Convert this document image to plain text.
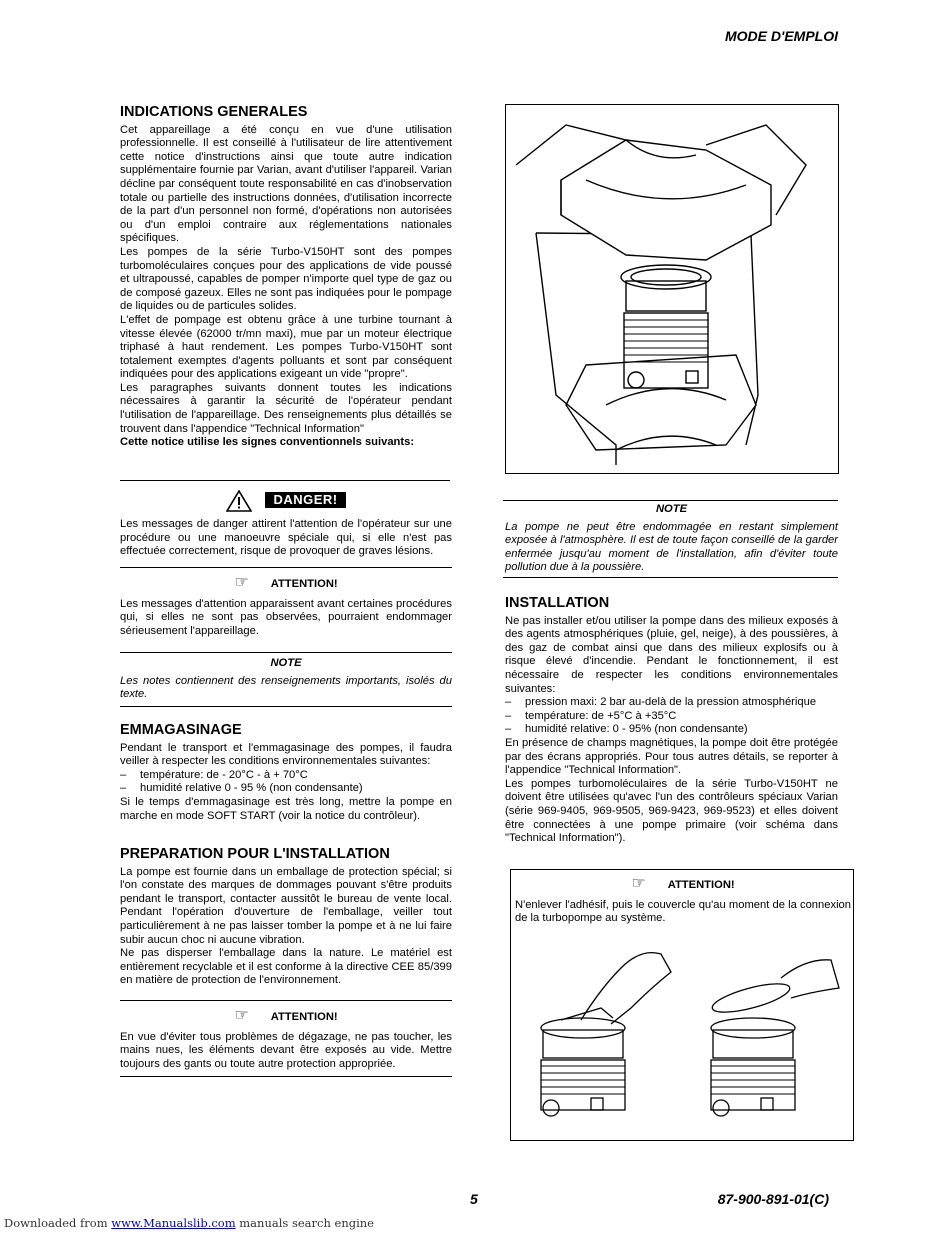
MODE D'EMPLOI
INDICATIONS GENERALES

Cet appareillage a été conçu en vue d'une utilisation professionnelle. Il est conseillé à l'utilisateur de lire attentivement cette notice d'instructions ainsi que toute autre indication supplémentaire fournie par Varian, avant d'utiliser l'appareil. Varian décline par conséquent toute responsabilité en cas d'inobservation totale ou partielle des instructions données, d'utilisation incorrecte de la part d'un personnel non formé, d'opérations non autorisées ou d'un emploi contraire aux réglementations nationales spécifiques.

Les pompes de la série Turbo-V150HT sont des pompes turbomoléculaires conçues pour des applications de vide poussé et ultrapoussé, capables de pomper n'importe quel type de gaz ou de composé gazeux. Elles ne sont pas indiquées pour le pompage de liquides ou de particules solides.

L'effet de pompage est obtenu grâce à une turbine tournant à vitesse élevée (62000 tr/mn maxi), mue par un moteur électrique triphasé à haut rendement. Les pompes Turbo-V150HT sont totalement exemptes d'agents polluants et sont par conséquent indiquées pour des applications exigeant un vide "propre".

Les paragraphes suivants donnent toutes les indications nécessaires à garantir la sécurité de l'opérateur pendant l'utilisation de l'appareillage. Des renseignements plus détaillés se trouvent dans l'appendice "Technical Information"

Cette notice utilise les signes conventionnels suivants:

DANGER!

Les messages de danger attirent l'attention de l'opérateur sur une procédure ou une manoeuvre spéciale qui, si elle n'est pas effectuée correctement, risque de provoquer de graves lésions.

☞ ATTENTION!

Les messages d'attention apparaissent avant certaines procédures qui, si elles ne sont pas observées, pourraient endommager sérieusement l'appareillage.

NOTE

Les notes contiennent des renseignements importants, isolés du texte.

EMMAGASINAGE

Pendant le transport et l'emmagasinage des pompes, il faudra veiller à respecter les conditions environnementales suivantes:

– température: de - 20°C - à + 70°C
– humidité relative 0 - 95 % (non condensante)

Si le temps d'emmagasinage est très long, mettre la pompe en marche en mode SOFT START (voir la notice du contrôleur).

PREPARATION POUR L'INSTALLATION

La pompe est fournie dans un emballage de protection spécial; si l'on constate des marques de dommages pouvant s'être produits pendant le transport, contacter aussitôt le bureau de vente local. Pendant l'opération d'ouverture de l'emballage, veiller tout particulièrement à ne pas laisser tomber la pompe et à ne lui faire subir aucun choc ni aucune vibration.

Ne pas disperser l'emballage dans la nature. Le matériel est entièrement recyclable et il est conforme à la directive CEE 85/399 en matière de protection de l'environnement.

☞ ATTENTION!

En vue d'éviter tous problèmes de dégazage, ne pas toucher, les mains nues, les éléments devant être exposés au vide. Mettre toujours des gants ou toute autre protection appropriée.

NOTE

La pompe ne peut être endommagée en restant simplement exposée à l'atmosphère. Il est de toute façon conseillé de la garder enfermée jusqu'au moment de l'installation, afin d'éviter toute pollution due à la poussière.

INSTALLATION

Ne pas installer et/ou utiliser la pompe dans des milieux exposés à des agents atmosphériques (pluie, gel, neige), à des poussières, à des gaz de combat ainsi que dans des milieux explosifs ou à risque élevé d'incendie. Pendant le fonctionnement, il est nécessaire de respecter les conditions environnementales suivantes:

– pression maxi: 2 bar au-delà de la pression atmosphérique
– température: de +5°C à +35°C
– humidité relative: 0 - 95% (non condensante)

En présence de champs magnétiques, la pompe doit être protégée par des écrans appropriés. Pour tous autres détails, se reporter à l'appendice "Technical Information".

Les pompes turbomoléculaires de la série Turbo-V150HT ne doivent être utilisées qu'avec l'un des contrôleurs spéciaux Varian (série 969-9405, 969-9505, 969-9423, 969-9523) et elles doivent être connectées à une pompe primaire (voir schéma dans "Technical Information").

☞ ATTENTION!

N'enlever l'adhésif, puis le couvercle qu'au moment de la connexion de la turbopompe au système.

5	87-900-891-01(C)
Downloaded from www.Manualslib.com manuals search engine
